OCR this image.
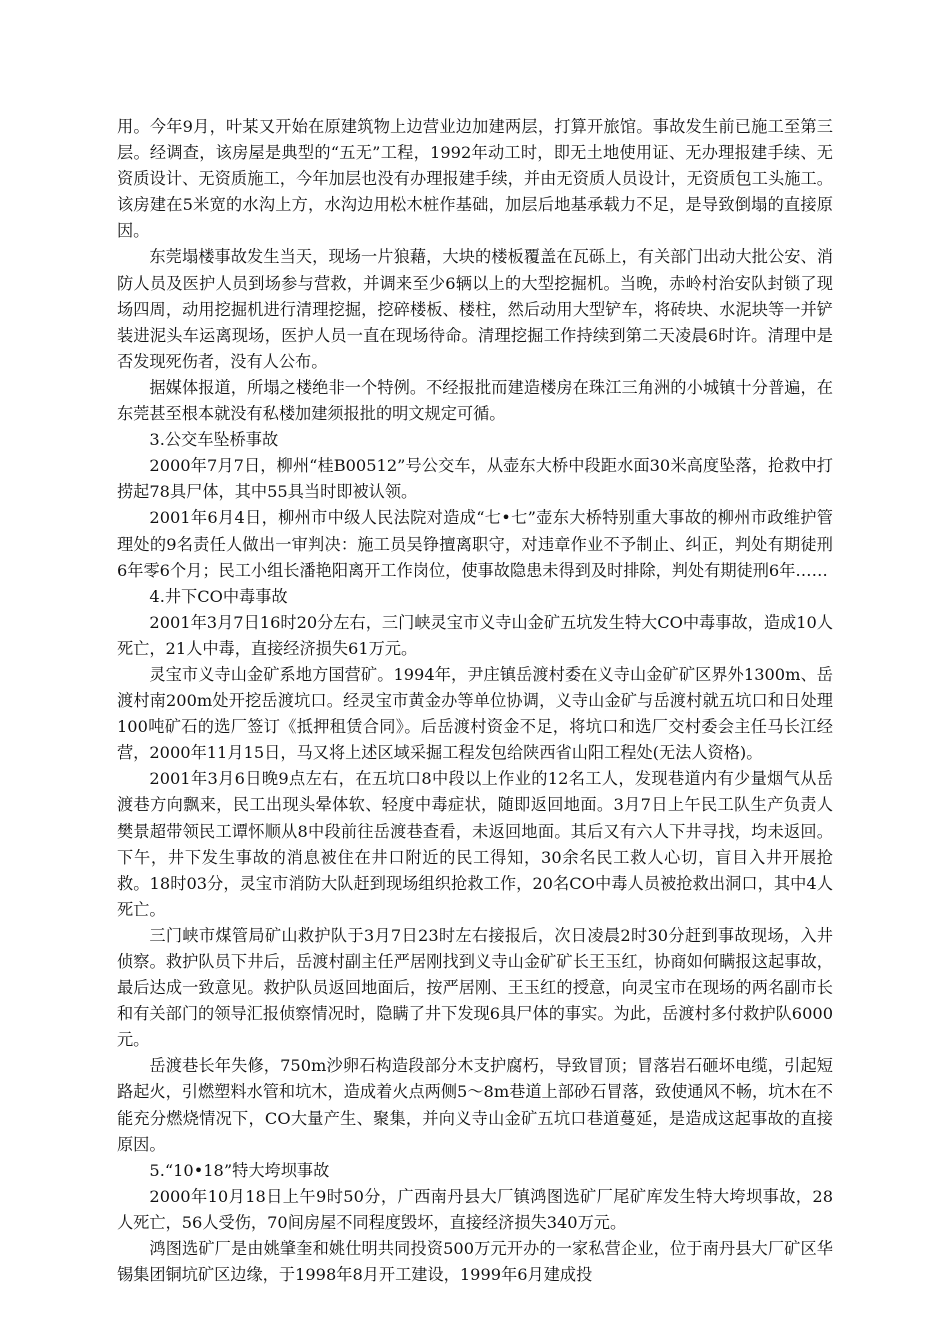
用。今年9月，叶某又开始在原建筑物上边营业边加建两层，打算开旅馆。事故发生前已施工至第三层。经调查，该房屋是典型的“五无”工程，1992年动工时，即无土地使用证、无办理报建手续、无资质设计、无资质施工，今年加层也没有办理报建手续，并由无资质人员设计，无资质包工头施工。该房建在5米宽的水沟上方，水沟边用松木桩作基础，加层后地基承载力不足，是导致倒塌的直接原因。

东莞塌楼事故发生当天，现场一片狼藉，大块的楼板覆盖在瓦砾上，有关部门出动大批公安、消防人员及医护人员到场参与营救，并调来至少6辆以上的大型挖掘机。当晚，赤岭村治安队封锁了现场四周，动用挖掘机进行清理挖掘，挖碎楼板、楼柱，然后动用大型铲车，将砖块、水泥块等一并铲装进泥头车运离现场，医护人员一直在现场待命。清理挖掘工作持续到第二天凌晨6时许。清理中是否发现死伤者，没有人公布。

据媒体报道，所塌之楼绝非一个特例。不经报批而建造楼房在珠江三角洲的小城镇十分普遍，在东莞甚至根本就没有私楼加建须报批的明文规定可循。

3.公交车坠桥事故

2000年7月7日，柳州“桂B00512”号公交车，从壶东大桥中段距水面30米高度坠落，抢救中打捞起78具尸体，其中55具当时即被认领。

2001年6月4日，柳州市中级人民法院对造成“七•七”壶东大桥特别重大事故的柳州市政维护管理处的9名责任人做出一审判决：施工员吴铮擅离职守，对违章作业不予制止、纠正，判处有期徒刑6年零6个月；民工小组长潘艳阳离开工作岗位，使事故隐患未得到及时排除，判处有期徒刑6年……

4.井下CO中毒事故

2001年3月7日16时20分左右，三门峡灵宝市义寺山金矿五坑发生特大CO中毒事故，造成10人死亡，21人中毒，直接经济损失61万元。

灵宝市义寺山金矿系地方国营矿。1994年，尹庄镇岳渡村委在义寺山金矿矿区界外1300m、岳渡村南200m处开挖岳渡坑口。经灵宝市黄金办等单位协调，义寺山金矿与岳渡村就五坑口和日处理100吨矿石的选厂签订《抵押租赁合同》。后岳渡村资金不足，将坑口和选厂交村委会主任马长江经营，2000年11月15日，马又将上述区域采掘工程发包给陕西省山阳工程处(无法人资格)。

2001年3月6日晚9点左右，在五坑口8中段以上作业的12名工人，发现巷道内有少量烟气从岳渡巷方向飘来，民工出现头晕体软、轻度中毒症状，随即返回地面。3月7日上午民工队生产负责人樊景超带领民工谭怀顺从8中段前往岳渡巷查看，未返回地面。其后又有六人下井寻找，均未返回。下午，井下发生事故的消息被住在井口附近的民工得知，30余名民工救人心切，盲目入井开展抢救。18时03分，灵宝市消防大队赶到现场组织抢救工作，20名CO中毒人员被抢救出洞口，其中4人死亡。

三门峡市煤管局矿山救护队于3月7日23时左右接报后，次日凌晨2时30分赶到事故现场，入井侦察。救护队员下井后，岳渡村副主任严居刚找到义寺山金矿矿长王玉红，协商如何瞒报这起事故，最后达成一致意见。救护队员返回地面后，按严居刚、王玉红的授意，向灵宝市在现场的两名副市长和有关部门的领导汇报侦察情况时，隐瞒了井下发现6具尸体的事实。为此，岳渡村多付救护队6000元。

岳渡巷长年失修，750m沙卵石构造段部分木支护腐朽，导致冒顶；冒落岩石砸坏电缆，引起短路起火，引燃塑料水管和坑木，造成着火点两侧5～8m巷道上部砂石冒落，致使通风不畅，坑木在不能充分燃烧情况下，CO大量产生、聚集，并向义寺山金矿五坑口巷道蔓延，是造成这起事故的直接原因。

5.“10•18”特大垮坝事故

2000年10月18日上午9时50分，广西南丹县大厂镇鸿图选矿厂尾矿库发生特大垮坝事故，28人死亡，56人受伤，70间房屋不同程度毁坏，直接经济损失340万元。

鸿图选矿厂是由姚肇奎和姚仕明共同投资500万元开办的一家私营企业，位于南丹县大厂矿区华锡集团铜坑矿区边缘，于1998年8月开工建设，1999年6月建成投
